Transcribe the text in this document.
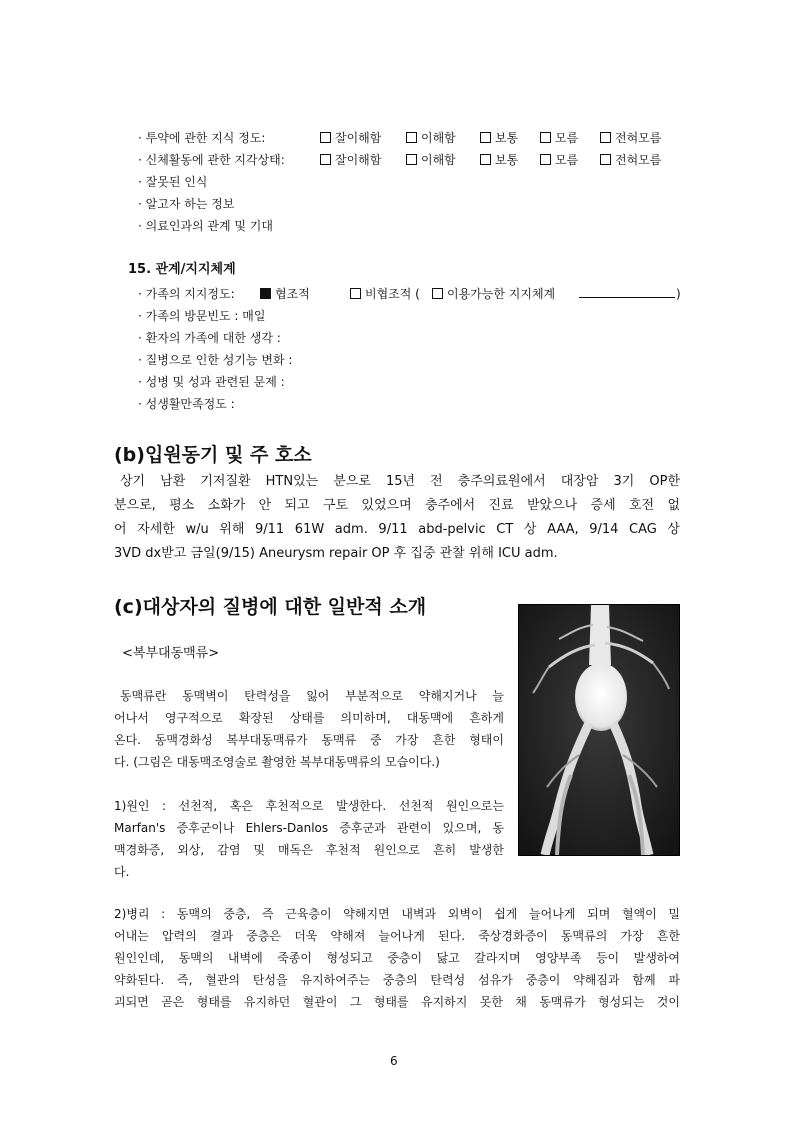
· 투약에 관한 지식 정도:	잘이해함	이해함	보통	모름	전혀모름
· 신체활동에 관한 지각상태:	잘이해함	이해함	보통	모름	전혀모름
· 잘못된 인식
· 알고자 하는 정보
· 의료인과의 관계 및 기대
15. 관계/지지체계
· 가족의 지지정도:	협조적	비협조적 (	이용가능한 지지체계	)
· 가족의 방문빈도 : 매일
· 환자의 가족에 대한 생각 :
· 질병으로 인한 성기능 변화 :
· 성병 및 성과 관련된 문제 :
· 성생활만족정도 :
(b)입원동기 및 주 호소
상기 남환 기저질환 HTN있는 분으로 15년 전 충주의료원에서 대장암 3기 OP한
분으로, 평소 소화가 안 되고 구토 있었으며 충주에서 진료 받았으나 증세 호전 없
어 자세한 w/u 위해 9/11 61W adm. 9/11 abd-pelvic CT 상 AAA, 9/14 CAG 상
3VD dx받고 금일(9/15) Aneurysm repair OP 후 집중 관찰 위해 ICU adm.
(c)대상자의 질병에 대한 일반적 소개
<복부대동맥류>
동맥류란 동맥벽이 탄력성을 잃어 부분적으로 약해지거나 늘
어나서 영구적으로 확장된 상태를 의미하며, 대동맥에 흔하게
온다. 동맥경화성 복부대동맥류가 동맥류 중 가장 흔한 형태이
다. (그림은 대동맥조영술로 촬영한 복부대동맥류의 모습이다.)
1)원인 : 선천적, 혹은 후천적으로 발생한다. 선천적 원인으로는
Marfan's 증후군이나 Ehlers-Danlos 증후군과 관련이 있으며, 동
맥경화증, 외상, 감염 및 매독은 후천적 원인으로 흔히 발생한
다.
2)병리 : 동맥의 중층, 즉 근육층이 약해지면 내벽과 외벽이 쉽게 늘어나게 되며 혈액이 밀
어내는 압력의 결과 중층은 더욱 약해져 늘어나게 된다. 죽상경화증이 동맥류의 가장 흔한
원인인데, 동맥의 내벽에 죽종이 형성되고 중층이 닳고 갈라지며 영양부족 등이 발생하여
약화된다. 즉, 혈관의 탄성을 유지하여주는 중층의 탄력성 섬유가 중층이 약해짐과 함께 파
괴되면 곧은 형태를 유지하던 혈관이 그 형태를 유지하지 못한 채 동맥류가 형성되는 것이
6
